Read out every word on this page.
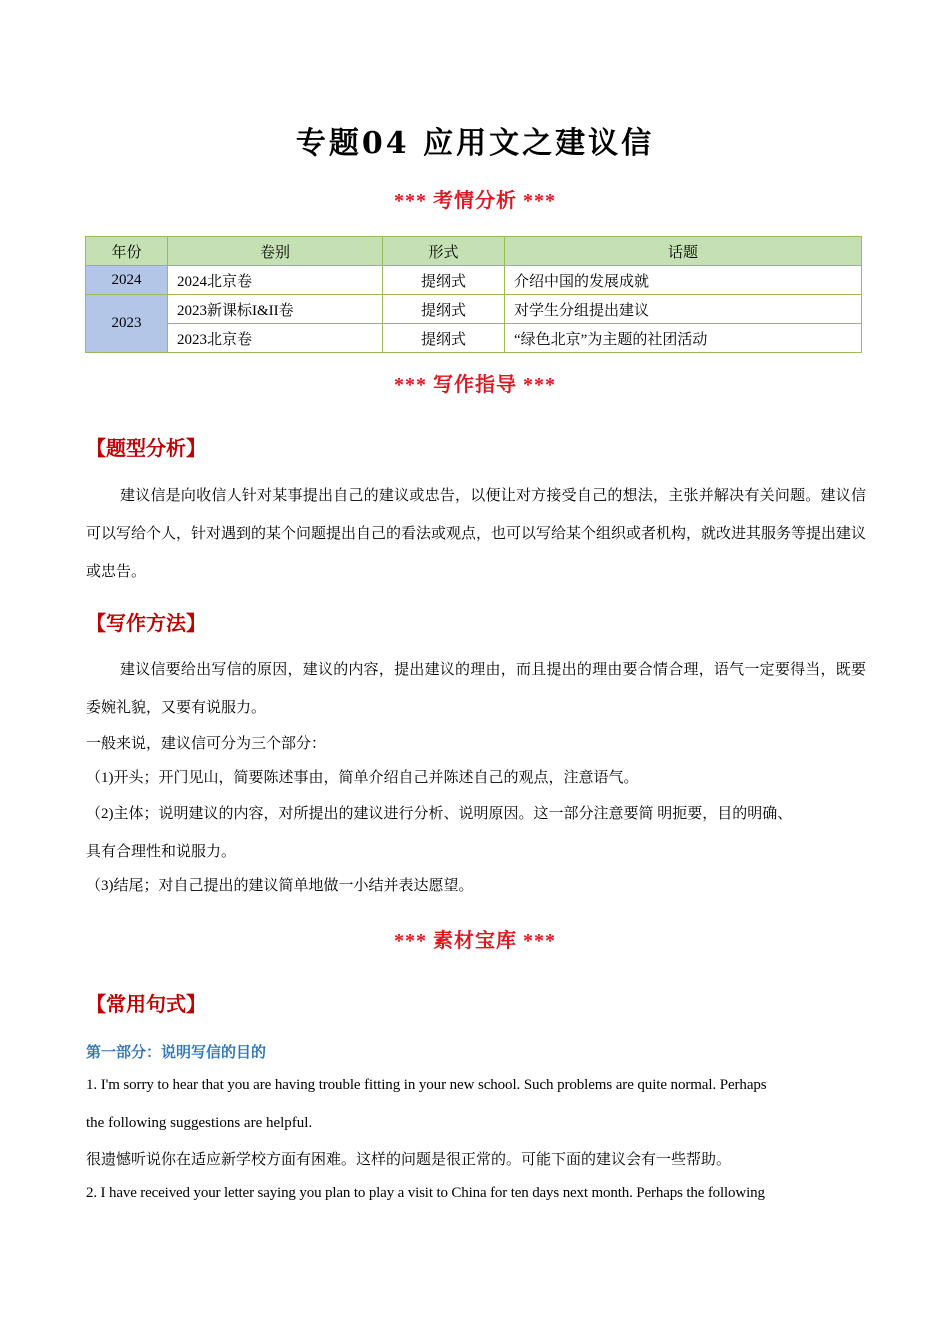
专题04 应用文之建议信
*** 考情分析 ***
年份	卷别	形式	话题
2024	2024北京卷	提纲式	介绍中国的发展成就
2023	2023新课标I&II卷	提纲式	对学生分组提出建议
	2023北京卷	提纲式	“绿色北京”为主题的社团活动
*** 写作指导 ***
【题型分析】
建议信是向收信人针对某事提出自己的建议或忠告，以便让对方接受自己的想法，主张并解决有关问题。建议信可以写给个人，针对遇到的某个问题提出自己的看法或观点，也可以写给某个组织或者机构，就改进其服务等提出建议或忠告。
【写作方法】
建议信要给出写信的原因，建议的内容，提出建议的理由，而且提出的理由要合情合理，语气一定要得当，既要委婉礼貌，又要有说服力。
一般来说，建议信可分为三个部分：
（1)开头；开门见山，简要陈述事由，简单介绍自己并陈述自己的观点，注意语气。
（2)主体；说明建议的内容，对所提出的建议进行分析、说明原因。这一部分注意要简 明扼要，目的明确、
具有合理性和说服力。
（3)结尾；对自己提出的建议简单地做一小结并表达愿望。
*** 素材宝库 ***
【常用句式】
第一部分：说明写信的目的
1. I'm sorry to hear that you are having trouble fitting in your new school. Such problems are quite normal. Perhaps
the following suggestions are helpful.
很遗憾听说你在适应新学校方面有困难。这样的问题是很正常的。可能下面的建议会有一些帮助。
2. I have received your letter saying you plan to play a visit to China for ten days next month. Perhaps the following
